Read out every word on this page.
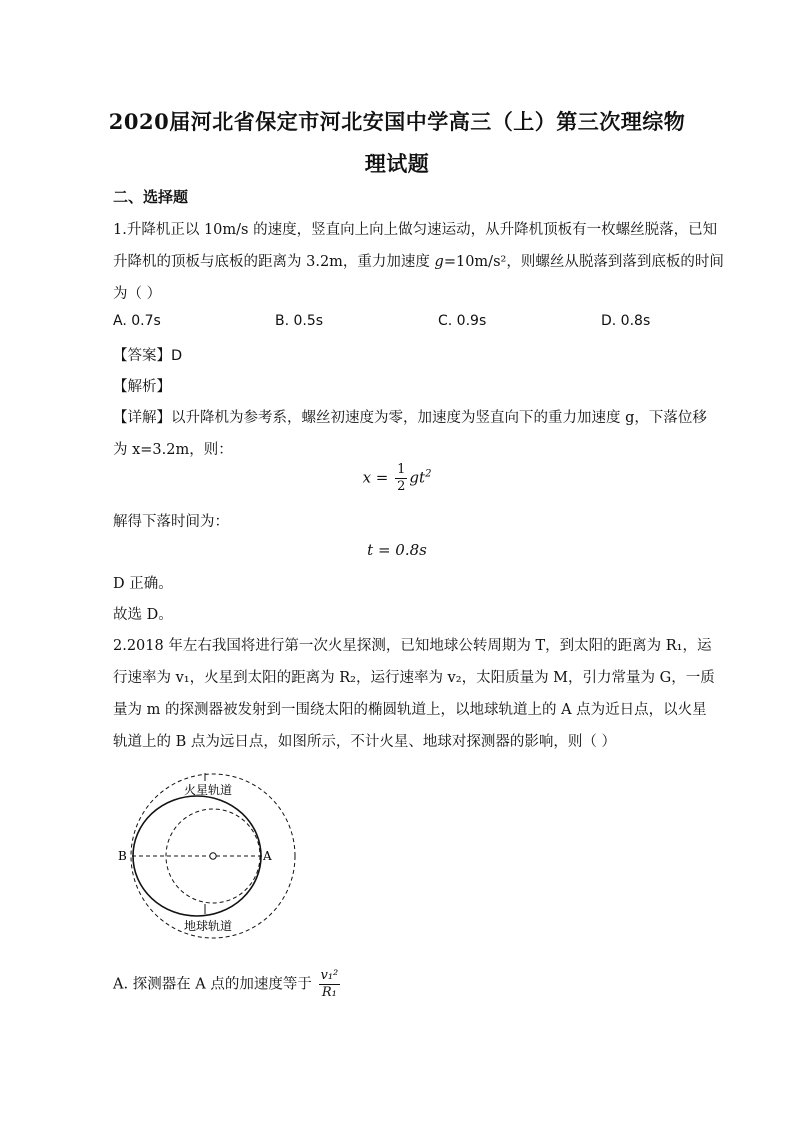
2020届河北省保定市河北安国中学高三（上）第三次理综物
理试题
二、选择题
1.升降机正以 10m/s 的速度，竖直向上向上做匀速运动，从升降机顶板有一枚螺丝脱落，已知
升降机的顶板与底板的距离为 3.2m，重力加速度 g=10m/s²，则螺丝从脱落到落到底板的时间
为（ ）
A. 0.7s	B. 0.5s	C. 0.9s	D. 0.8s
【答案】D
【解析】
【详解】以升降机为参考系，螺丝初速度为零，加速度为竖直向下的重力加速度 g，下落位移
为 x=3.2m，则：
$x = \frac{1}{2} gt^2$
解得下落时间为：
t = 0.8s
D 正确。
故选 D。
2.2018 年左右我国将进行第一次火星探测，已知地球公转周期为 T，到太阳的距离为 R₁，运
行速率为 v₁，火星到太阳的距离为 R₂，运行速率为 v₂，太阳质量为 M，引力常量为 G，一质
量为 m 的探测器被发射到一围绕太阳的椭圆轨道上，以地球轨道上的 A 点为近日点，以火星
轨道上的 B 点为远日点，如图所示，不计火星、地球对探测器的影响，则（ ）
火星轨道
地球轨道
B	A
A. 探测器在 A 点的加速度等于 $\frac{\text{v₁²}}{\text{R₁}}$
